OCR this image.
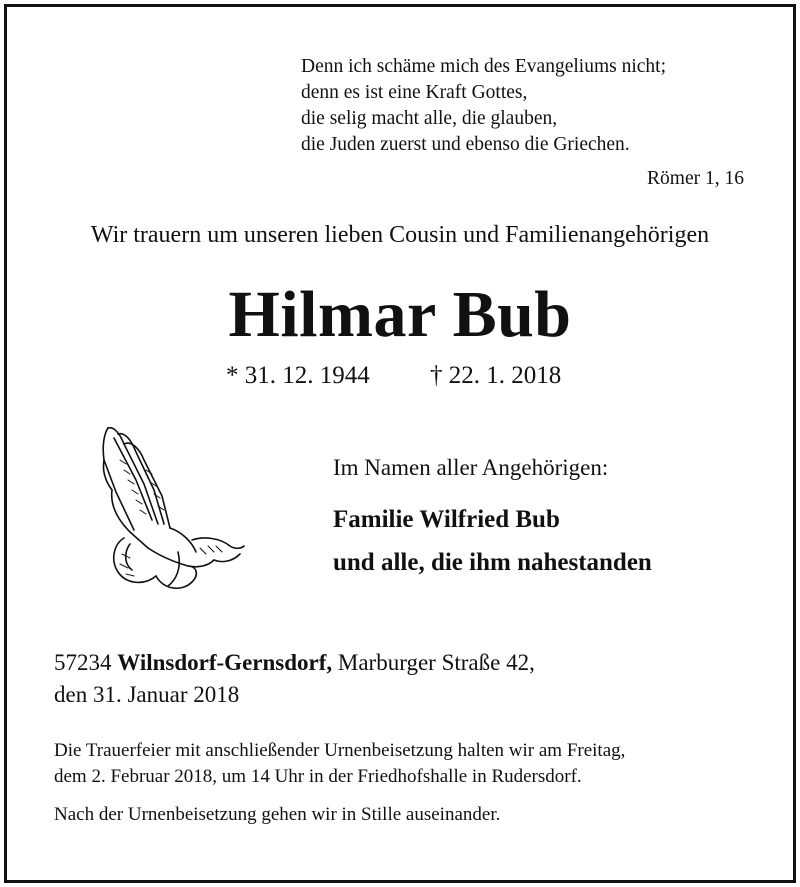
Denn ich schäme mich des Evangeliums nicht;
denn es ist eine Kraft Gottes,
die selig macht alle, die glauben,
die Juden zuerst und ebenso die Griechen.
Römer 1, 16
Wir trauern um unseren lieben Cousin und Familienangehörigen
Hilmar Bub
* 31. 12. 1944 † 22. 1. 2018
Im Namen aller Angehörigen:
Familie Wilfried Bub
und alle, die ihm nahestanden
57234 Wilnsdorf-Gernsdorf, Marburger Straße 42,
den 31. Januar 2018
Die Trauerfeier mit anschließender Urnenbeisetzung halten wir am Freitag,
dem 2. Februar 2018, um 14 Uhr in der Friedhofshalle in Rudersdorf.
Nach der Urnenbeisetzung gehen wir in Stille auseinander.
